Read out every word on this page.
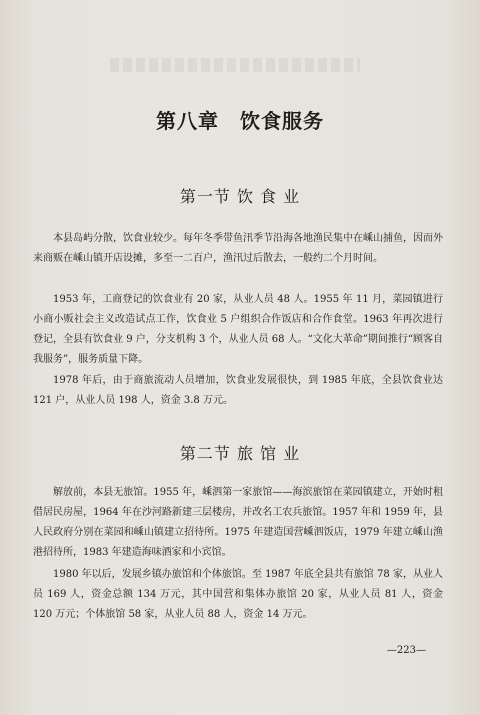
第八章　饮食服务
第一节 饮 食 业
本县岛屿分散，饮食业较少。每年冬季带鱼汛季节沿海各地渔民集中在嵊山捕鱼，因而外来商贩在嵊山镇开店设摊，多至一二百户，渔汛过后散去，一般约二个月时间。
1953 年，工商登记的饮食业有 20 家，从业人员 48 人。1955 年 11 月，菜园镇进行小商小贩社会主义改造试点工作，饮食业 5 户组织合作饭店和合作食堂。1963 年再次进行登记，全县有饮食业 9 户，分支机构 3 个，从业人员 68 人。“文化大革命”期间推行“顾客自我服务”，服务质量下降。
1978 年后，由于商旅流动人员增加，饮食业发展很快，到 1985 年底，全县饮食业达 121 户，从业人员 198 人，资金 3.8 万元。
第二节 旅 馆 业
解放前，本县无旅馆。1955 年，嵊泗第一家旅馆——海滨旅馆在菜园镇建立，开始时租借居民房屋，1964 年在沙河路新建三层楼房，并改名工农兵旅馆。1957 年和 1959 年，县人民政府分别在菜园和嵊山镇建立招待所。1975 年建造国营嵊泗饭店，1979 年建立嵊山渔港招待所，1983 年建造海味酒家和小宾馆。
1980 年以后，发展乡镇办旅馆和个体旅馆。至 1987 年底全县共有旅馆 78 家，从业人员 169 人，资金总额 134 万元，其中国营和集体办旅馆 20 家，从业人员 81 人，资金 120 万元；个体旅馆 58 家，从业人员 88 人，资金 14 万元。
—223—
